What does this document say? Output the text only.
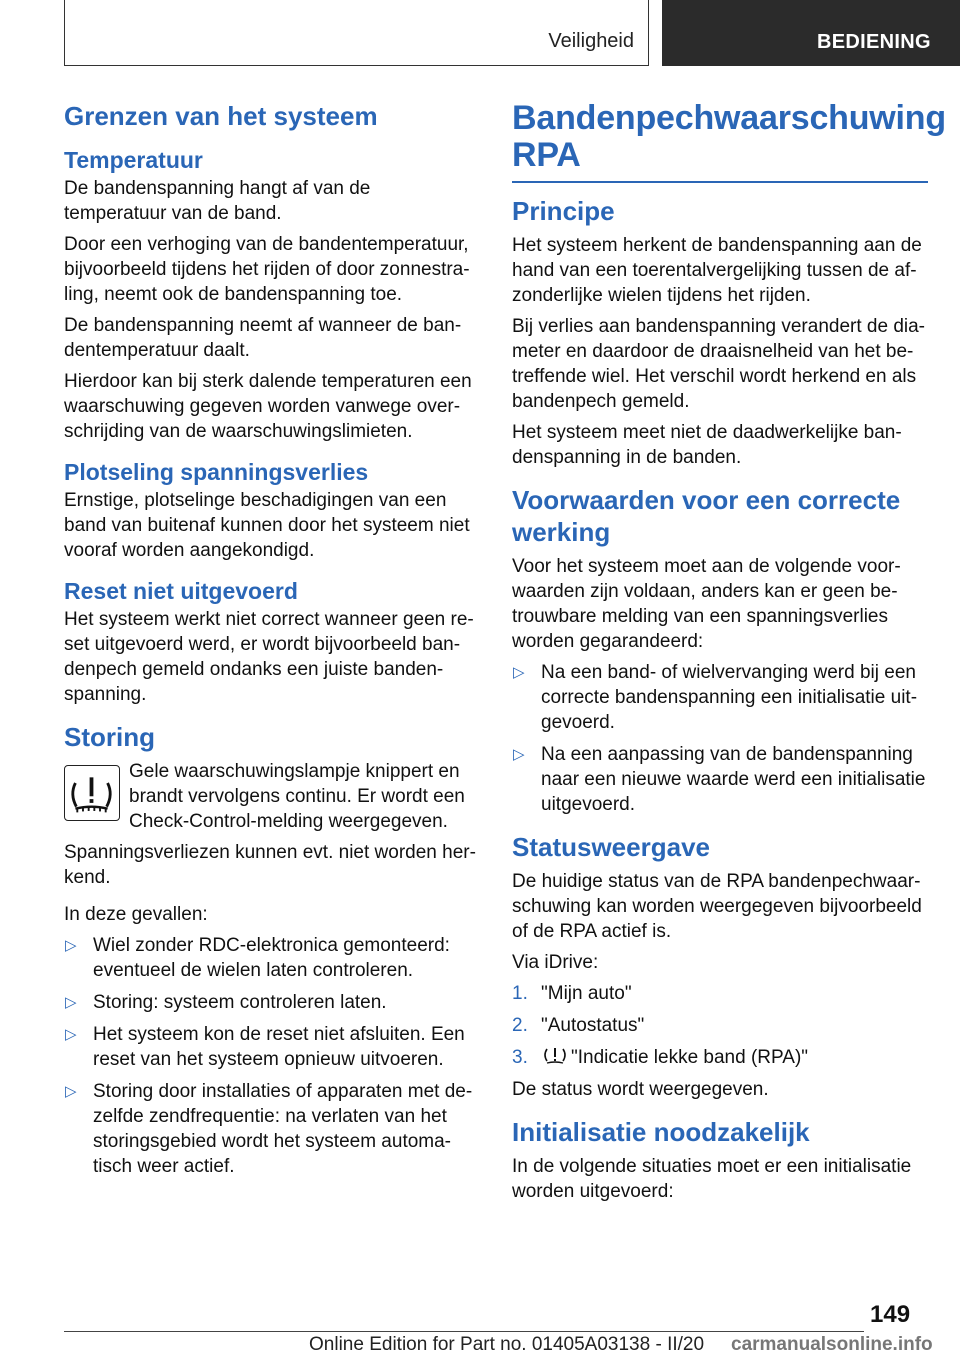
Veiligheid	BEDIENING
Grenzen van het systeem
Temperatuur

De bandenspanning hangt af van de temperatuur van de band.

Door een verhoging van de bandentemperatuur, bijvoorbeeld tijdens het rijden of door zonnestra-ling, neemt ook de bandenspanning toe.

De bandenspanning neemt af wanneer de ban-dentemperatuur daalt.

Hierdoor kan bij sterk dalende temperaturen een waarschuwing gegeven worden vanwege over-schrijding van de waarschuwingslimieten.

Plotseling spanningsverlies

Ernstige, plotselinge beschadigingen van een band van buitenaf kunnen door het systeem niet vooraf worden aangekondigd.

Reset niet uitgevoerd

Het systeem werkt niet correct wanneer geen re-set uitgevoerd werd, er wordt bijvoorbeeld ban-denpech gemeld ondanks een juiste banden-spanning.

Storing

Gele waarschuwingslampje knippert en brandt vervolgens continu. Er wordt een Check-Control-melding weergegeven.

Spanningsverliezen kunnen evt. niet worden her-kend.

In deze gevallen:

▷ Wiel zonder RDC-elektronica gemonteerd: eventueel de wielen laten controleren.
▷ Storing: systeem controleren laten.
▷ Het systeem kon de reset niet afsluiten. Een reset van het systeem opnieuw uitvoeren.
▷ Storing door installaties of apparaten met de-zelfde zendfrequentie: na verlaten van het storingsgebied wordt het systeem automa-tisch weer actief.
Bandenpechwaarschuwing RPA
Principe

Het systeem herkent de bandenspanning aan de hand van een toerentalvergelijking tussen de af-zonderlijke wielen tijdens het rijden.

Bij verlies aan bandenspanning verandert de dia-meter en daardoor de draaisnelheid van het be-treffende wiel. Het verschil wordt herkend en als bandenpech gemeld.

Het systeem meet niet de daadwerkelijke ban-denspanning in de banden.

Voorwaarden voor een correcte werking

Voor het systeem moet aan de volgende voor-waarden zijn voldaan, anders kan er geen be-trouwbare melding van een spanningsverlies worden gegarandeerd:

▷ Na een band- of wielvervanging werd bij een correcte bandenspanning een initialisatie uit-gevoerd.
▷ Na een aanpassing van de bandenspanning naar een nieuwe waarde werd een initialisatie uitgevoerd.
Statusweergave

De huidige status van de RPA bandenpechwaar-schuwing kan worden weergegeven bijvoorbeeld of de RPA actief is.

Via iDrive:

1. "Mijn auto"
2. "Autostatus"
3. "Indicatie lekke band (RPA)"

De status wordt weergegeven.

Initialisatie noodzakelijk

In de volgende situaties moet er een initialisatie worden uitgevoerd:

149
Online Edition for Part no. 01405A03138 - II/20 carmanualsonline.info
